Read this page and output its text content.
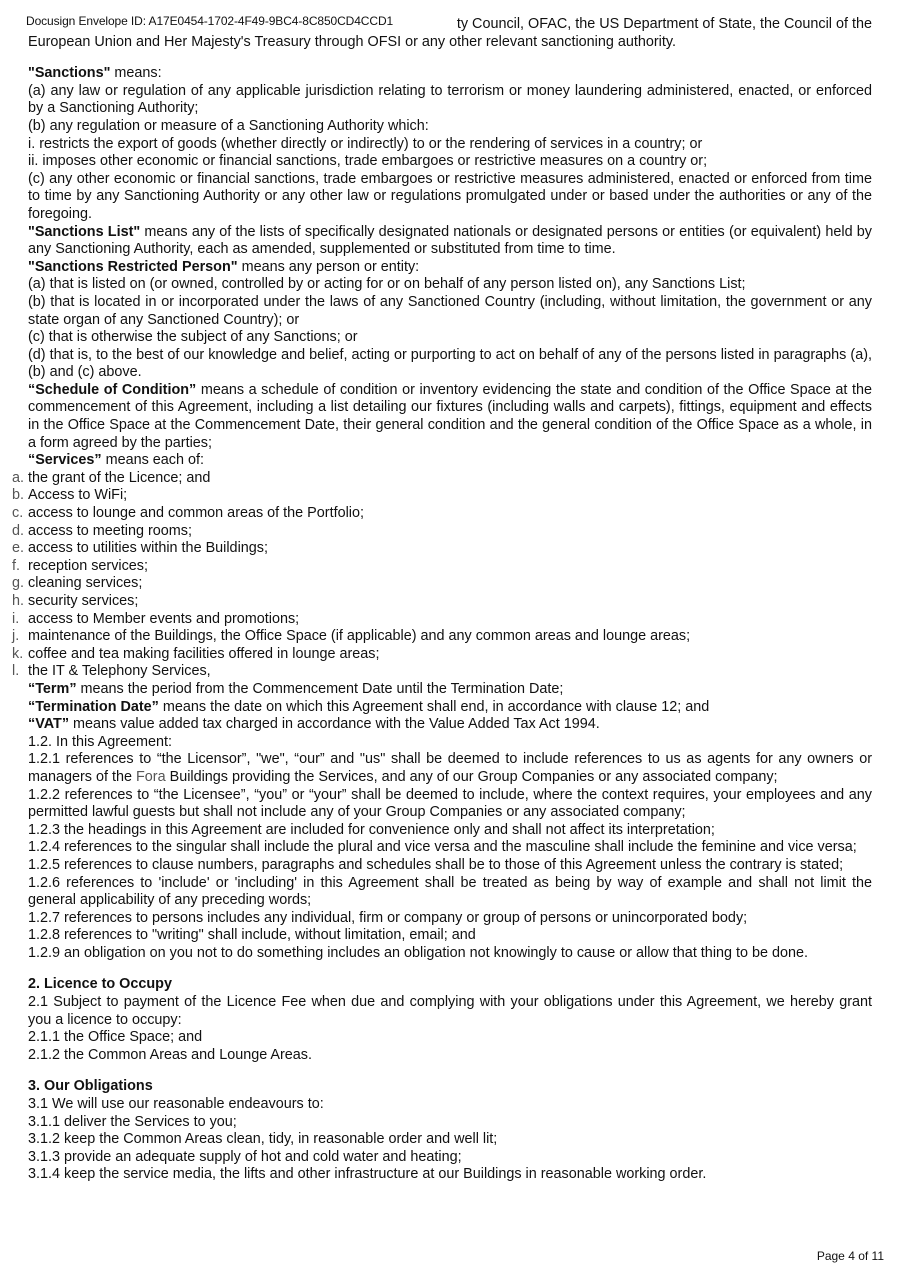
Docusign Envelope ID: A17E0454-1702-4F49-9BC4-8C850CD4CCD1	ty Council, OFAC, the US Department of State, the Council of the

European Union and Her Majesty's Treasury through OFSI or any other relevant sanctioning authority.

"Sanctions" means:

(a) any law or regulation of any applicable jurisdiction relating to terrorism or money laundering administered, enacted, or enforced by a Sanctioning Authority;

(b) any regulation or measure of a Sanctioning Authority which:

i. restricts the export of goods (whether directly or indirectly) to or the rendering of services in a country; or

ii. imposes other economic or financial sanctions, trade embargoes or restrictive measures on a country or;

(c) any other economic or financial sanctions, trade embargoes or restrictive measures administered, enacted or enforced from time to time by any Sanctioning Authority or any other law or regulations promulgated under or based under the authorities or any of the foregoing.

"Sanctions List" means any of the lists of specifically designated nationals or designated persons or entities (or equivalent) held by any Sanctioning Authority, each as amended, supplemented or substituted from time to time.

"Sanctions Restricted Person" means any person or entity:

(a) that is listed on (or owned, controlled by or acting for or on behalf of any person listed on), any Sanctions List;

(b) that is located in or incorporated under the laws of any Sanctioned Country (including, without limitation, the government or any state organ of any Sanctioned Country); or

(c) that is otherwise the subject of any Sanctions; or

(d) that is, to the best of our knowledge and belief, acting or purporting to act on behalf of any of the persons listed in paragraphs (a), (b) and (c) above.

“Schedule of Condition” means a schedule of condition or inventory evidencing the state and condition of the Office Space at the commencement of this Agreement, including a list detailing our fixtures (including walls and carpets), fittings, equipment and effects in the Office Space at the Commencement Date, their general condition and the general condition of the Office Space as a whole, in a form agreed by the parties;

“Services” means each of:

a. the grant of the Licence; and

b. Access to WiFi;

c. access to lounge and common areas of the Portfolio;

d. access to meeting rooms;

e. access to utilities within the Buildings;

f. reception services;

g. cleaning services;

h. security services;

i. access to Member events and promotions;

j. maintenance of the Buildings, the Office Space (if applicable) and any common areas and lounge areas;

k. coffee and tea making facilities offered in lounge areas;

l. the IT & Telephony Services,

“Term” means the period from the Commencement Date until the Termination Date;

“Termination Date” means the date on which this Agreement shall end, in accordance with clause 12; and

“VAT” means value added tax charged in accordance with the Value Added Tax Act 1994.

1.2. In this Agreement:

1.2.1 references to “the Licensor”, "we", “our” and "us" shall be deemed to include references to us as agents for any owners or managers of the Fora Buildings providing the Services, and any of our Group Companies or any associated company;

1.2.2 references to “the Licensee”, “you” or “your” shall be deemed to include, where the context requires, your employees and any permitted lawful guests but shall not include any of your Group Companies or any associated company;

1.2.3 the headings in this Agreement are included for convenience only and shall not affect its interpretation;

1.2.4 references to the singular shall include the plural and vice versa and the masculine shall include the feminine and vice versa;

1.2.5 references to clause numbers, paragraphs and schedules shall be to those of this Agreement unless the contrary is stated;

1.2.6 references to 'include' or 'including' in this Agreement shall be treated as being by way of example and shall not limit the general applicability of any preceding words;

1.2.7 references to persons includes any individual, firm or company or group of persons or unincorporated body;

1.2.8 references to "writing" shall include, without limitation, email; and

1.2.9 an obligation on you not to do something includes an obligation not knowingly to cause or allow that thing to be done.

2. Licence to Occupy

2.1 Subject to payment of the Licence Fee when due and complying with your obligations under this Agreement, we hereby grant you a licence to occupy:

2.1.1 the Office Space; and

2.1.2 the Common Areas and Lounge Areas.

3. Our Obligations

3.1 We will use our reasonable endeavours to:

3.1.1 deliver the Services to you;

3.1.2 keep the Common Areas clean, tidy, in reasonable order and well lit;

3.1.3 provide an adequate supply of hot and cold water and heating;

3.1.4 keep the service media, the lifts and other infrastructure at our Buildings in reasonable working order.

Page 4 of 11
